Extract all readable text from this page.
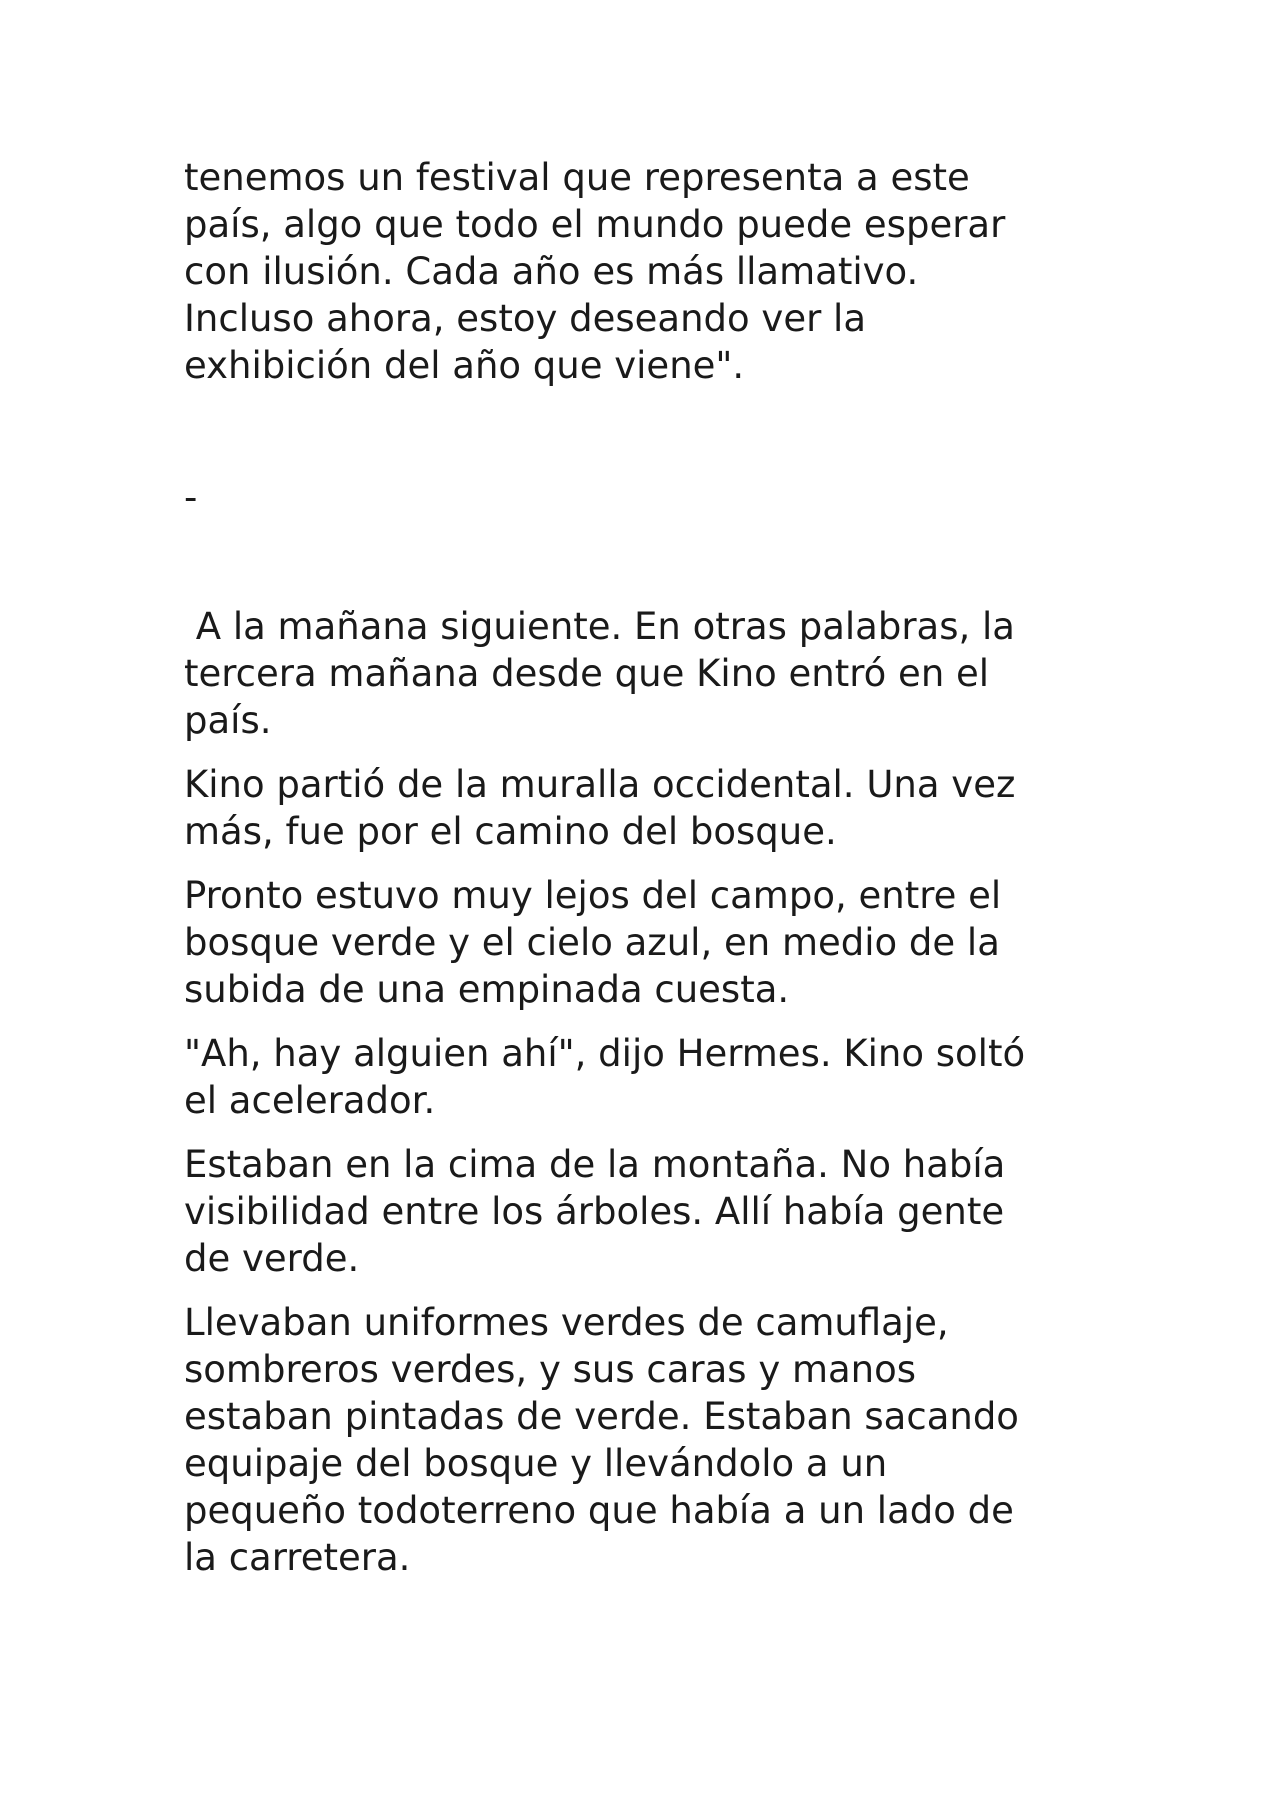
tenemos un festival que representa a este
país, algo que todo el mundo puede esperar
con ilusión. Cada año es más llamativo.
Incluso ahora, estoy deseando ver la
exhibición del año que viene".

-

A la mañana siguiente. En otras palabras, la
tercera mañana desde que Kino entró en el
país.

Kino partió de la muralla occidental. Una vez
más, fue por el camino del bosque.

Pronto estuvo muy lejos del campo, entre el
bosque verde y el cielo azul, en medio de la
subida de una empinada cuesta.

"Ah, hay alguien ahí", dijo Hermes. Kino soltó
el acelerador.

Estaban en la cima de la montaña. No había
visibilidad entre los árboles. Allí había gente
de verde.

Llevaban uniformes verdes de camuflaje,
sombreros verdes, y sus caras y manos
estaban pintadas de verde. Estaban sacando
equipaje del bosque y llevándolo a un
pequeño todoterreno que había a un lado de
la carretera.
